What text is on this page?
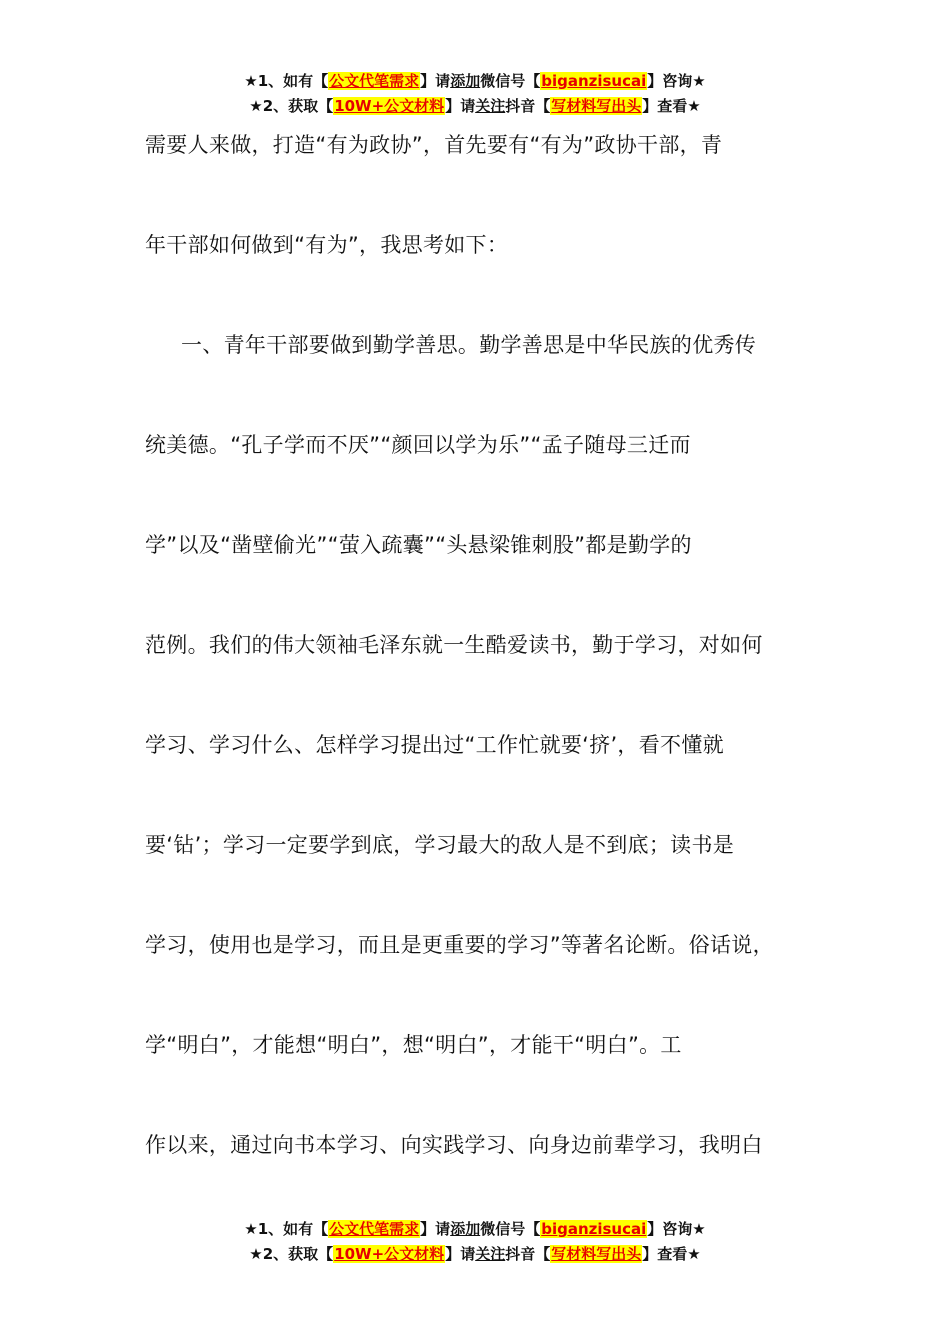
★1、如有【公文代笔需求】请添加微信号【biganzisucai】咨询★
★2、获取【10W+公文材料】请关注抖音【写材料写出头】查看★
需要人来做，打造“有为政协”，首先要有“有为”政协干部，青
年干部如何做到“有为”，我思考如下：
一、青年干部要做到勤学善思。勤学善思是中华民族的优秀传
统美德。“孔子学而不厌”“颜回以学为乐”“孟子随母三迁而
学”以及“凿壁偷光”“萤入疏囊”“头悬梁锥刺股”都是勤学的
范例。我们的伟大领袖毛泽东就一生酷爱读书，勤于学习，对如何
学习、学习什么、怎样学习提出过“工作忙就要‘挤’，看不懂就
要‘钻’；学习一定要学到底，学习最大的敌人是不到底；读书是
学习，使用也是学习，而且是更重要的学习”等著名论断。俗话说，
学“明白”，才能想“明白”，想“明白”，才能干“明白”。工
作以来，通过向书本学习、向实践学习、向身边前辈学习，我明白
★1、如有【公文代笔需求】请添加微信号【biganzisucai】咨询★
★2、获取【10W+公文材料】请关注抖音【写材料写出头】查看★
